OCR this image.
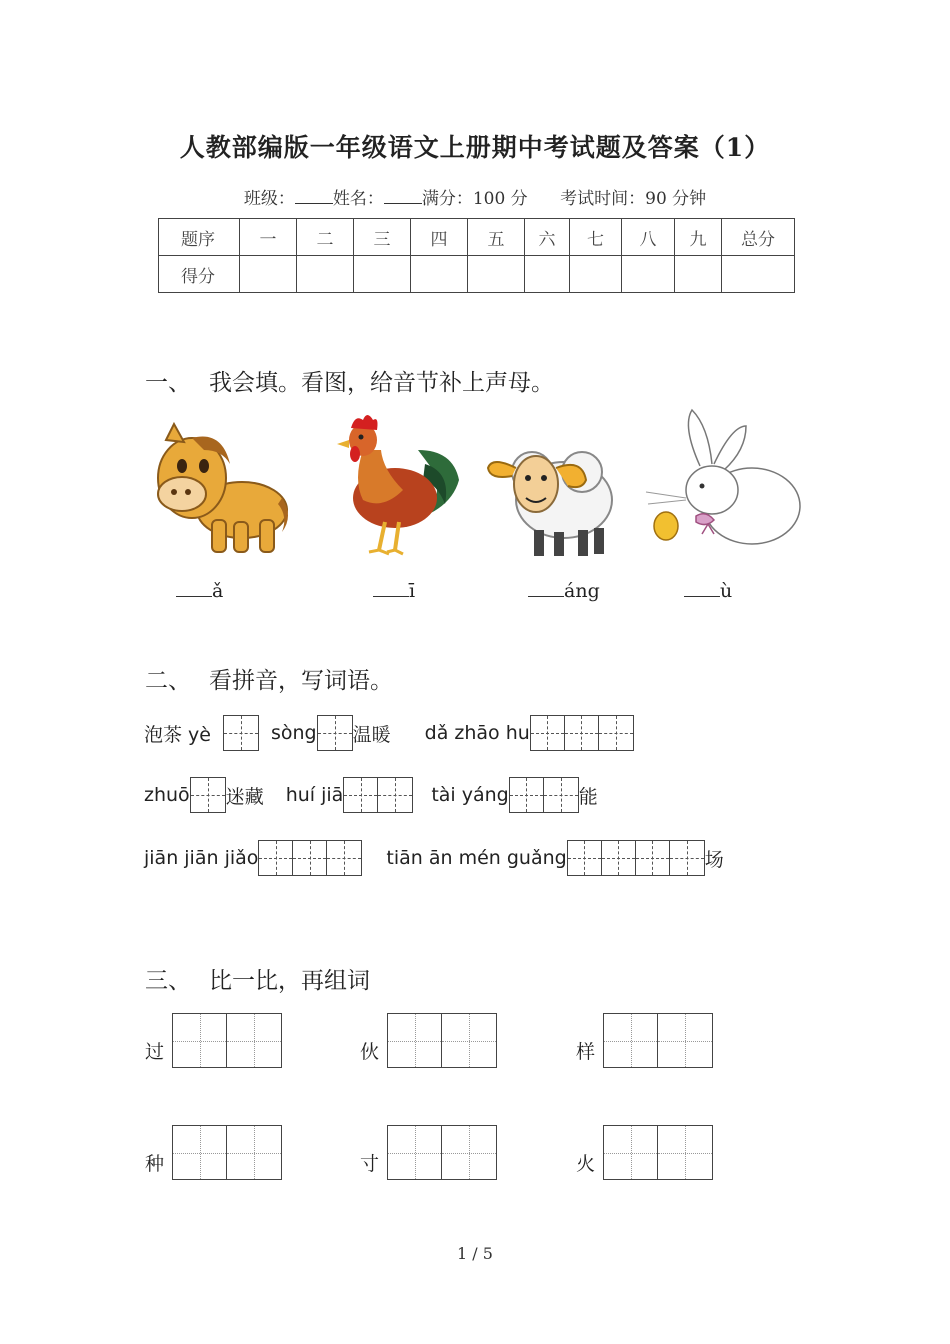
人教部编版一年级语文上册期中考试题及答案（1）
班级： 姓名： 满分：100 分 考试时间：90 分钟
题序	一	二	三	四	五	六	七	八	九	总分
得分										
一、 我会填。看图，给音节补上声母。
ǎ	ī	áng	ù
二、 看拼音，写词语。
泡茶 yè	sòng 温暖 dǎ zhāo hu
zhuō 迷藏 huí jiā	tài yáng	能
jiān jiān jiǎo	tiān ān mén guǎng	场
三、 比一比，再组词
过	伙	样
种	寸	火
1 / 5
